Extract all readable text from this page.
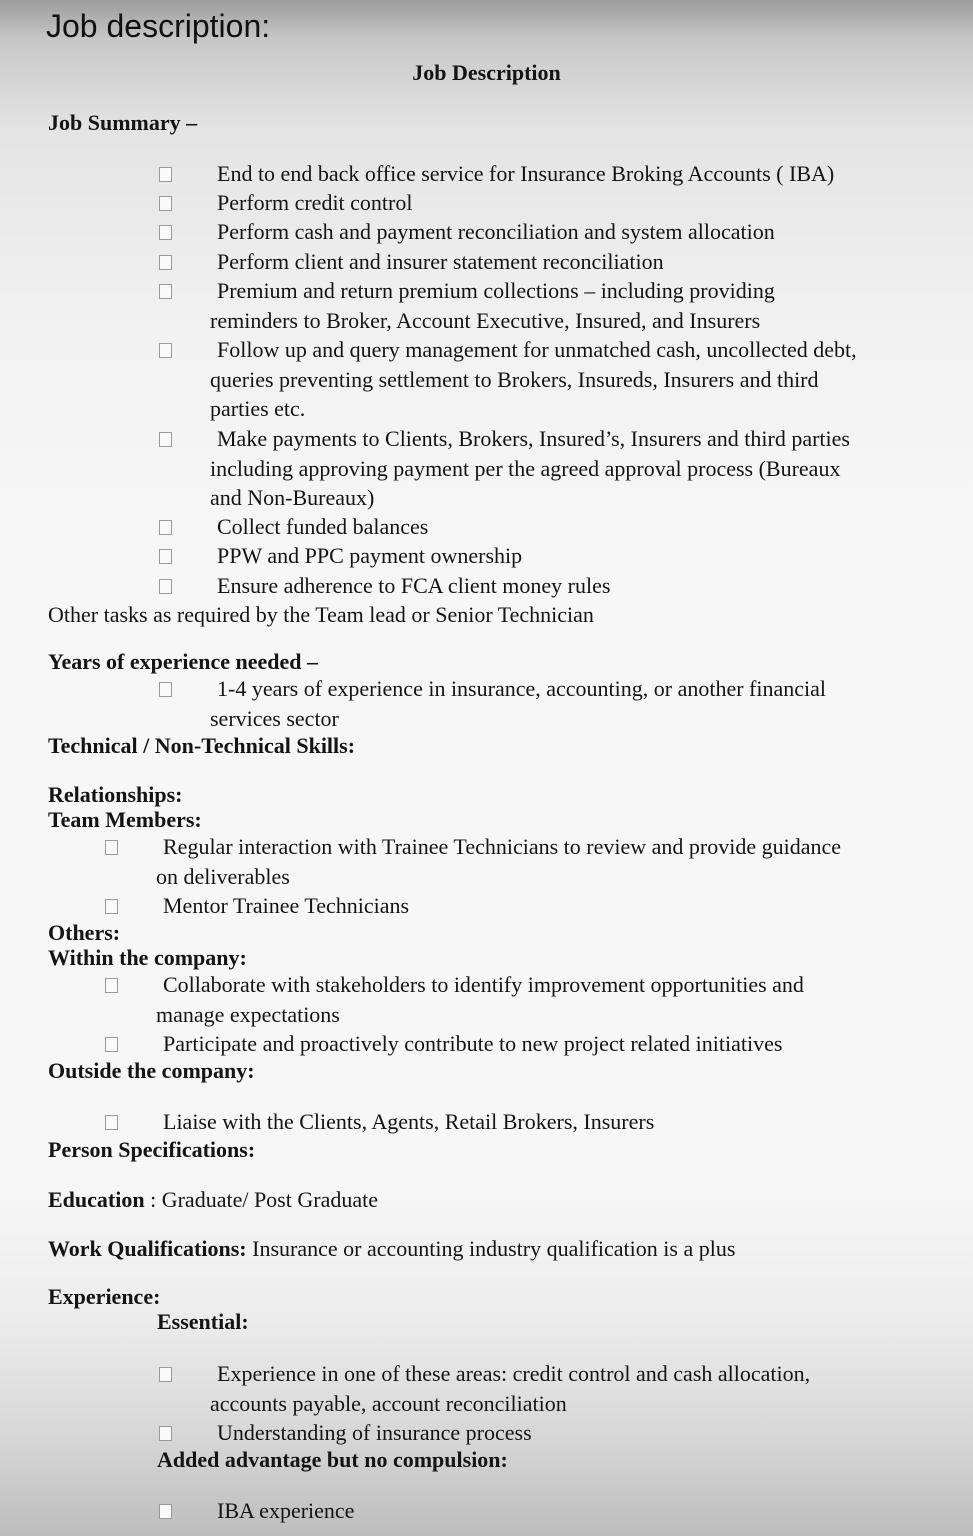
Job description:
Job Description
Job Summary –
End to end back office service for Insurance Broking Accounts ( IBA)
Perform credit control
Perform cash and payment reconciliation and system allocation
Perform client and insurer statement reconciliation
Premium and return premium collections – including providing
reminders to Broker, Account Executive, Insured, and Insurers
Follow up and query management for unmatched cash, uncollected debt,
queries preventing settlement to Brokers, Insureds, Insurers and third
parties etc.
Make payments to Clients, Brokers, Insured’s, Insurers and third parties
including approving payment per the agreed approval process (Bureaux
and Non-Bureaux)
Collect funded balances
PPW and PPC payment ownership
Ensure adherence to FCA client money rules
Other tasks as required by the Team lead or Senior Technician
Years of experience needed –
1-4 years of experience in insurance, accounting, or another financial
services sector
Technical / Non-Technical Skills:
Relationships:
Team Members:
Regular interaction with Trainee Technicians to review and provide guidance
on deliverables
Mentor Trainee Technicians
Others:
Within the company:
Collaborate with stakeholders to identify improvement opportunities and
manage expectations
Participate and proactively contribute to new project related initiatives
Outside the company:
Liaise with the Clients, Agents, Retail Brokers, Insurers
Person Specifications:
Education : Graduate/ Post Graduate
Work Qualifications: Insurance or accounting industry qualification is a plus
Experience:
Essential:
Experience in one of these areas: credit control and cash allocation,
accounts payable, account reconciliation
Understanding of insurance process
Added advantage but no compulsion:
IBA experience
